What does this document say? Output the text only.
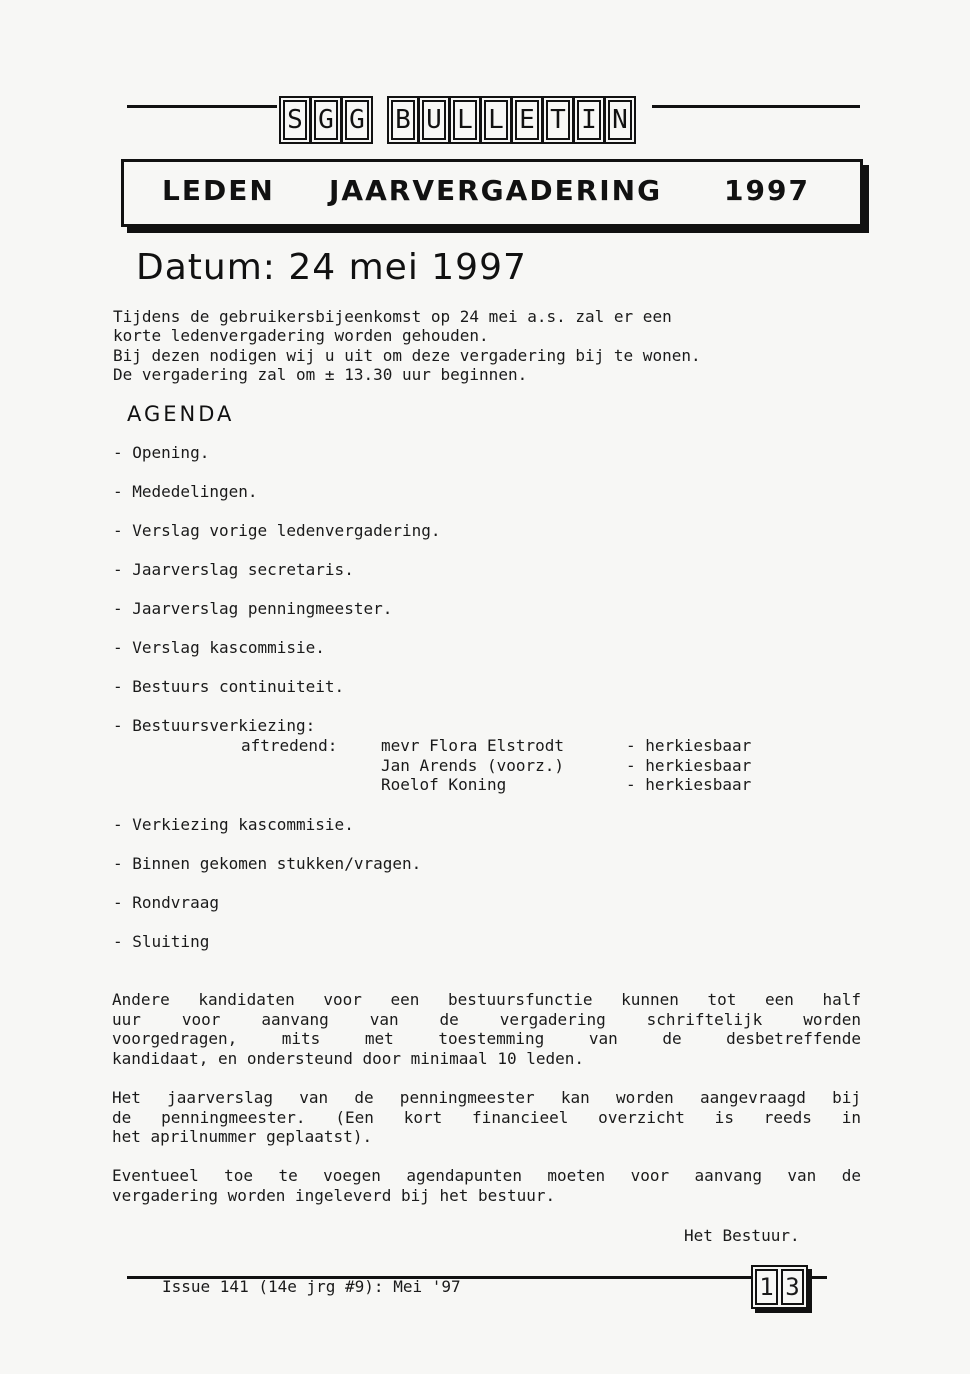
S G G B U L L E T I N
LEDEN JAARVERGADERING 1997
Datum: 24 mei 1997
Tijdens de gebruikersbijeenkomst op 24 mei a.s. zal er een
korte ledenvergadering worden gehouden.
Bij dezen nodigen wij u uit om deze vergadering bij te wonen.
De vergadering zal om ± 13.30 uur beginnen.
AGENDA
- Opening.
- Mededelingen.
- Verslag vorige ledenvergadering.
- Jaarverslag secretaris.
- Jaarverslag penningmeester.
- Verslag kascommisie.
- Bestuurs continuiteit.
- Bestuursverkiezing:
aftredend:	mevr Flora Elstrodt	- herkiesbaar
Jan Arends (voorz.)	- herkiesbaar
Roelof Koning	- herkiesbaar
- Verkiezing kascommisie.
- Binnen gekomen stukken/vragen.
- Rondvraag
- Sluiting
Andere kandidaten voor een bestuursfunctie kunnen tot een half
uur voor aanvang van de vergadering schriftelijk worden
voorgedragen, mits met toestemming van de desbetreffende
kandidaat, en ondersteund door minimaal 10 leden.
Het jaarverslag van de penningmeester kan worden aangevraagd bij
de penningmeester. (Een kort financieel overzicht is reeds in
het aprilnummer geplaatst).
Eventueel toe te voegen agendapunten moeten voor aanvang van de
vergadering worden ingeleverd bij het bestuur.
Het Bestuur.
Issue 141 (14e jrg #9): Mei '97	1 3
